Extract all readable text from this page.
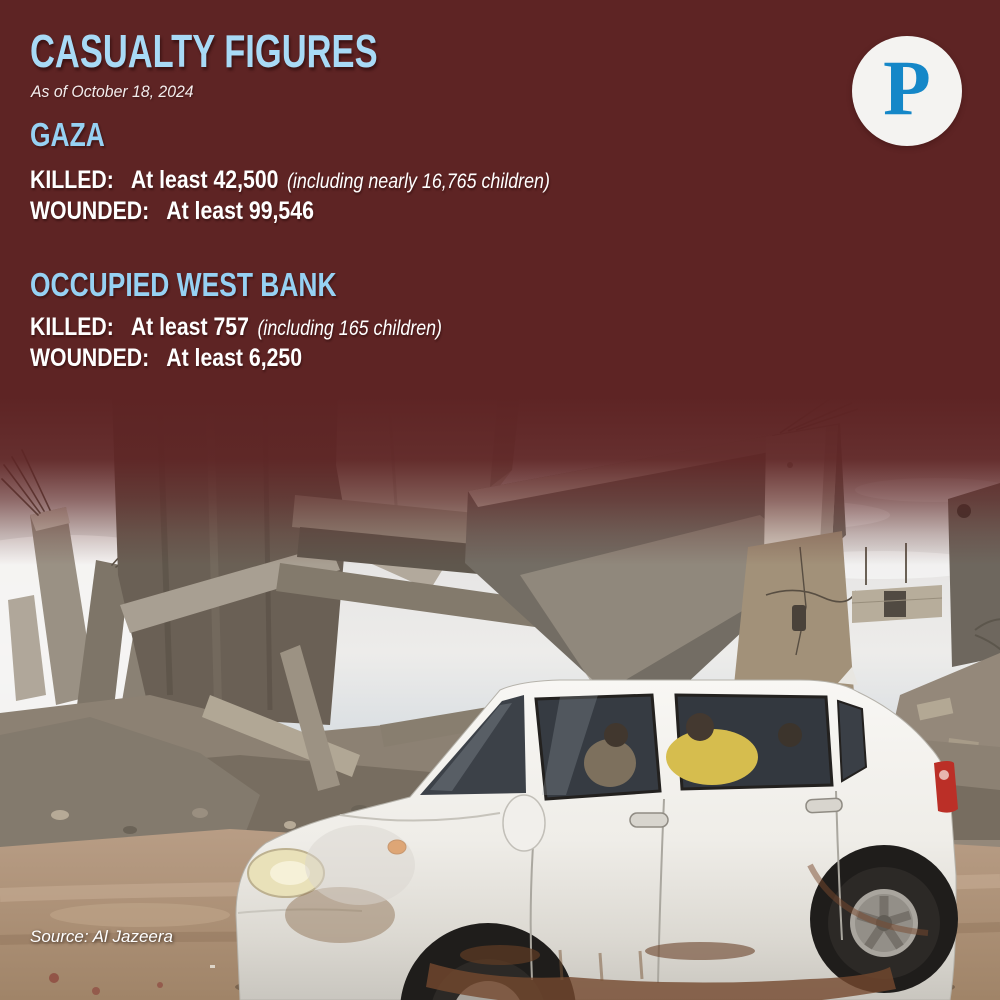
CASUALTY FIGURES
As of October 18, 2024	P
GAZA
KILLED: At least 42,500 (including nearly 16,765 children)
WOUNDED: At least 99,546
OCCUPIED WEST BANK
KILLED: At least 757 (including 165 children)
WOUNDED: At least 6,250
Source: Al Jazeera
